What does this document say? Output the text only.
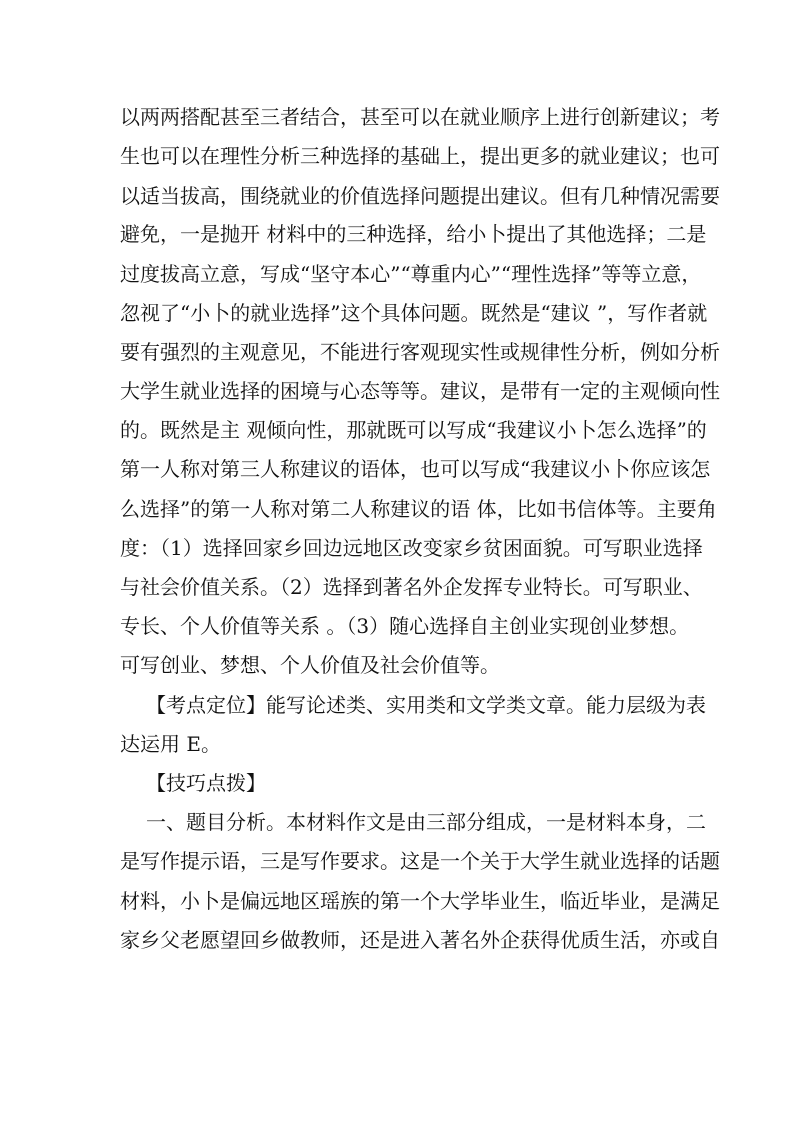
以两两搭配甚至三者结合，甚至可以在就业顺序上进行创新建议；考
生也可以在理性分析三种选择的基础上，提出更多的就业建议；也可
以适当拔高，围绕就业的价值选择问题提出建议。但有几种情况需要
避免，一是抛开 材料中的三种选择，给小卜提出了其他选择；二是
过度拔高立意，写成“坚守本心”“尊重内心”“理性选择”等等立意，
忽视了“小卜的就业选择”这个具体问题。既然是“建议 ”，写作者就
要有强烈的主观意见，不能进行客观现实性或规律性分析，例如分析
大学生就业选择的困境与心态等等。建议，是带有一定的主观倾向性
的。既然是主 观倾向性，那就既可以写成“我建议小卜怎么选择”的
第一人称对第三人称建议的语体，也可以写成“我建议小卜你应该怎
么选择”的第一人称对第二人称建议的语 体，比如书信体等。主要角
度：（1）选择回家乡回边远地区改变家乡贫困面貌。可写职业选择
与社会价值关系。（2）选择到著名外企发挥专业特长。可写职业、
专长、个人价值等关系 。（3）随心选择自主创业实现创业梦想。
可写创业、梦想、个人价值及社会价值等。
【考点定位】能写论述类、实用类和文学类文章。能力层级为表
达运用 E。
【技巧点拨】
一、题目分析。本材料作文是由三部分组成，一是材料本身，二
是写作提示语，三是写作要求。这是一个关于大学生就业选择的话题
材料，小卜是偏远地区瑶族的第一个大学毕业生，临近毕业，是满足
家乡父老愿望回乡做教师，还是进入著名外企获得优质生活，亦或自
